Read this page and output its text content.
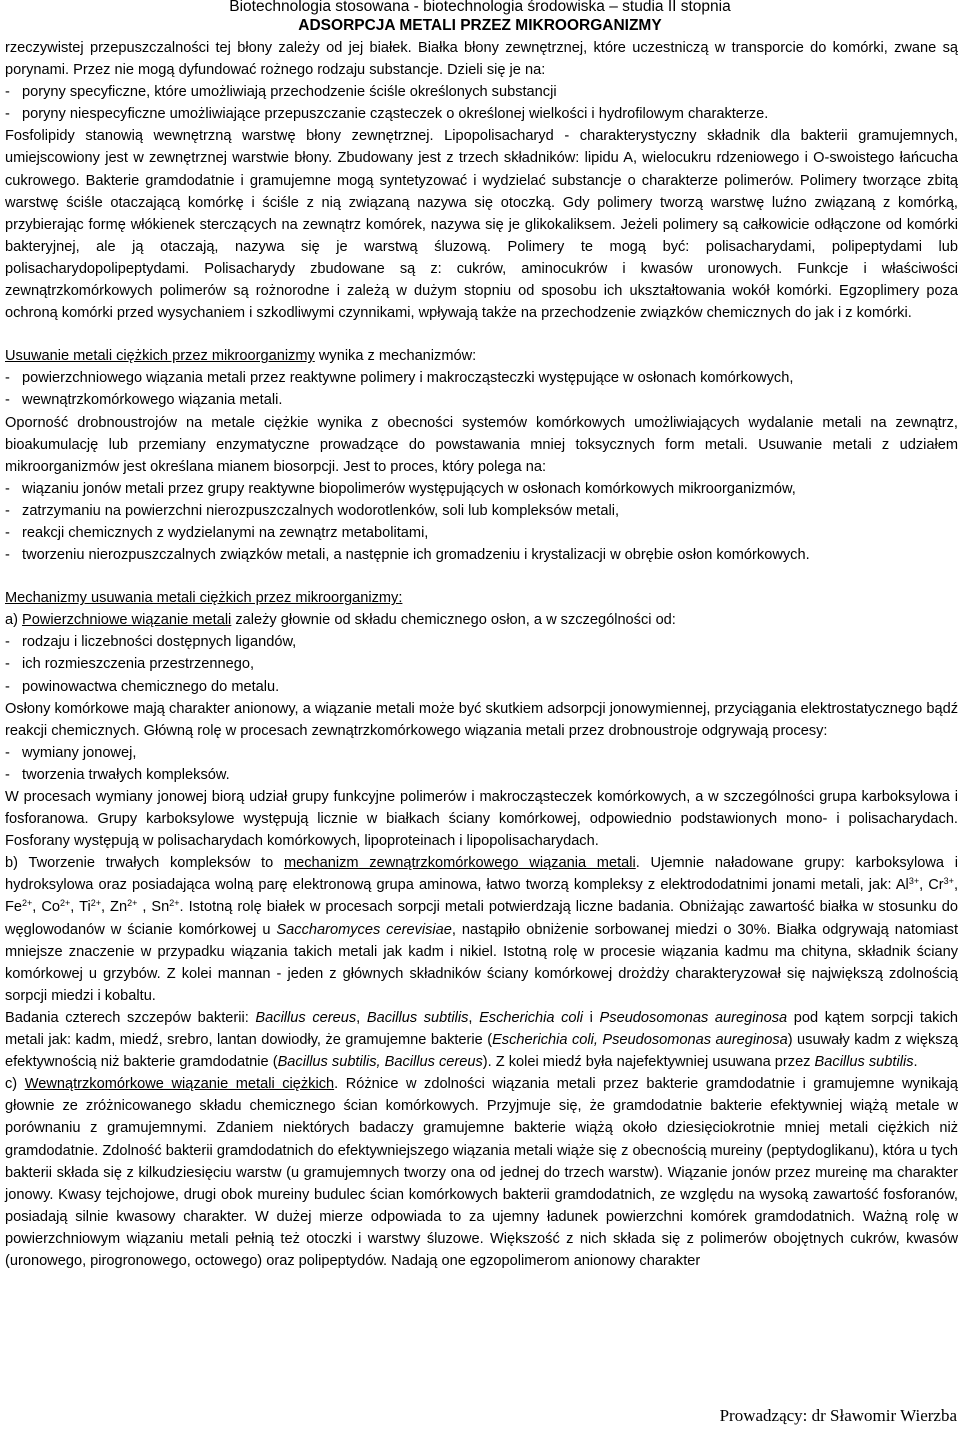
Biotechnologia stosowana - biotechnologia środowiska – studia II stopnia
ADSORPCJA METALI PRZEZ MIKROORGANIZMY

rzeczywistej przepuszczalności tej błony zależy od jej białek. Białka błony zewnętrznej, które uczestniczą w transporcie do komórki, zwane są porynami. Przez nie mogą dyfundować rożnego rodzaju substancje. Dzieli się je na:

-   poryny specyficzne, które umożliwiają przechodzenie ściśle określonych substancji

-   poryny niespecyficzne umożliwiające przepuszczanie cząsteczek o określonej wielkości i hydrofilowym charakterze.

Fosfolipidy stanowią wewnętrzną warstwę błony zewnętrznej. Lipopolisacharyd - charakterystyczny składnik dla bakterii gramujemnych, umiejscowiony jest w zewnętrznej warstwie błony. Zbudowany jest z trzech składników: lipidu A, wielocukru rdzeniowego i O-swoistego łańcucha cukrowego. Bakterie gramdodatnie i gramujemne mogą syntetyzować i wydzielać substancje o charakterze polimerów. Polimery tworzące zbitą warstwę ściśle otaczającą komórkę i ściśle z nią związaną nazywa się otoczką. Gdy polimery tworzą warstwę luźno związaną z komórką, przybierając formę włókienek sterczących na zewnątrz komórek, nazywa się je glikokaliksem. Jeżeli polimery są całkowicie odłączone od komórki bakteryjnej, ale ją otaczają, nazywa się je warstwą śluzową. Polimery te mogą być: polisacharydami, polipeptydami lub polisacharydopolipeptydami. Polisacharydy zbudowane są z: cukrów, aminocukrów i kwasów uronowych. Funkcje i właściwości zewnątrzkomórkowych polimerów są rożnorodne i zależą w dużym stopniu od sposobu ich ukształtowania wokół komórki. Egzoplimery poza ochroną komórki przed wysychaniem i szkodliwymi czynnikami, wpływają także na przechodzenie związków chemicznych do jak i z komórki.

Usuwanie metali ciężkich przez mikroorganizmy wynika z mechanizmów:

-   powierzchniowego wiązania metali przez reaktywne polimery i makrocząsteczki występujące w osłonach komórkowych,

-   wewnątrzkomórkowego wiązania metali.

Oporność drobnoustrojów na metale ciężkie wynika z obecności systemów komórkowych umożliwiających wydalanie metali na zewnątrz, bioakumulację lub przemiany enzymatyczne prowadzące do powstawania mniej toksycznych form metali. Usuwanie metali z udziałem mikroorganizmów jest określana mianem biosorpcji. Jest to proces, który polega na:

-   wiązaniu jonów metali przez grupy reaktywne biopolimerów występujących w osłonach komórkowych mikroorganizmów,

-   zatrzymaniu na powierzchni nierozpuszczalnych wodorotlenków, soli lub kompleksów metali,

-   reakcji chemicznych z wydzielanymi na zewnątrz metabolitami,

-   tworzeniu nierozpuszczalnych związków metali, a następnie ich gromadzeniu i krystalizacji w obrębie osłon komórkowych.

Mechanizmy usuwania metali ciężkich przez mikroorganizmy:

a) Powierzchniowe wiązanie metali zależy głownie od składu chemicznego osłon, a w szczególności od:

-   rodzaju i liczebności dostępnych ligandów,

-   ich rozmieszczenia przestrzennego,

-   powinowactwa chemicznego do metalu.

Osłony komórkowe mają charakter anionowy, a wiązanie metali może być skutkiem adsorpcji jonowymiennej, przyciągania elektrostatycznego bądź reakcji chemicznych. Główną rolę w procesach zewnątrzkomórkowego wiązania metali przez drobnoustroje odgrywają procesy:

-   wymiany jonowej,

-   tworzenia trwałych kompleksów.

W procesach wymiany jonowej biorą udział grupy funkcyjne polimerów i makrocząsteczek komórkowych, a w szczególności grupa karboksylowa i fosforanowa. Grupy karboksylowe występują licznie w białkach ściany komórkowej, odpowiednio podstawionych mono- i polisacharydach. Fosforany występują w polisacharydach komórkowych, lipoproteinach i lipopolisacharydach.

b) Tworzenie trwałych kompleksów to mechanizm zewnątrzkomórkowego wiązania metali. Ujemnie naładowane grupy: karboksylowa i hydroksylowa oraz posiadająca wolną parę elektronową grupa aminowa, łatwo tworzą kompleksy z elektrododatnimi jonami metali, jak: $Al^{3+}$, $Cr^{3+}$, $Fe^{2+}$, $Co^{2+}$, $Ti^{2+}$, $Zn^{2+}$ , $Sn^{2+}$. Istotną rolę białek w procesach sorpcji metali potwierdzają liczne badania. Obniżając zawartość białka w stosunku do węglowodanów w ścianie komórkowej u Saccharomyces cerevisiae, nastąpiło obniżenie sorbowanej miedzi o 30%. Białka odgrywają natomiast mniejsze znaczenie w przypadku wiązania takich metali jak kadm i nikiel. Istotną rolę w procesie wiązania kadmu ma chityna, składnik ściany komórkowej u grzybów. Z kolei mannan - jeden z głównych składników ściany komórkowej drożdży charakteryzował się największą zdolnością sorpcji miedzi i kobaltu.

Badania czterech szczepów bakterii: Bacillus cereus, Bacillus subtilis, Escherichia coli i Pseudosomonas aureginosa pod kątem sorpcji takich metali jak: kadm, miedź, srebro, lantan dowiodły, że gramujemne bakterie (Escherichia coli, Pseudosomonas aureginosa) usuwały kadm z większą efektywnością niż bakterie gramdodatnie (Bacillus subtilis, Bacillus cereus). Z kolei miedź była najefektywniej usuwana przez Bacillus subtilis.

c) Wewnątrzkomórkowe wiązanie metali ciężkich. Różnice w zdolności wiązania metali przez bakterie gramdodatnie i gramujemne wynikają głownie ze zróżnicowanego składu chemicznego ścian komórkowych. Przyjmuje się, że gramdodatnie bakterie efektywniej wiążą metale w porównaniu z gramujemnymi. Zdaniem niektórych badaczy gramujemne bakterie wiążą około dziesięciokrotnie mniej metali ciężkich niż gramdodatnie. Zdolność bakterii gramdodatnich do efektywniejszego wiązania metali wiąże się z obecnością mureiny (peptydoglikanu), która u tych bakterii składa się z kilkudziesięciu warstw (u gramujemnych tworzy ona od jednej do trzech warstw). Wiązanie jonów przez mureinę ma charakter jonowy. Kwasy tejchojowe, drugi obok mureiny budulec ścian komórkowych bakterii gramdodatnich, ze względu na wysoką zawartość fosforanów, posiadają silnie kwasowy charakter. W dużej mierze odpowiada to za ujemny ładunek powierzchni komórek gramdodatnich. Ważną rolę w powierzchniowym wiązaniu metali pełnią też otoczki i warstwy śluzowe. Większość z nich składa się z polimerów obojętnych cukrów, kwasów (uronowego, pirogronowego, octowego) oraz polipeptydów. Nadają one egzopolimerom anionowy charakter

Prowadzący: dr Sławomir Wierzba
